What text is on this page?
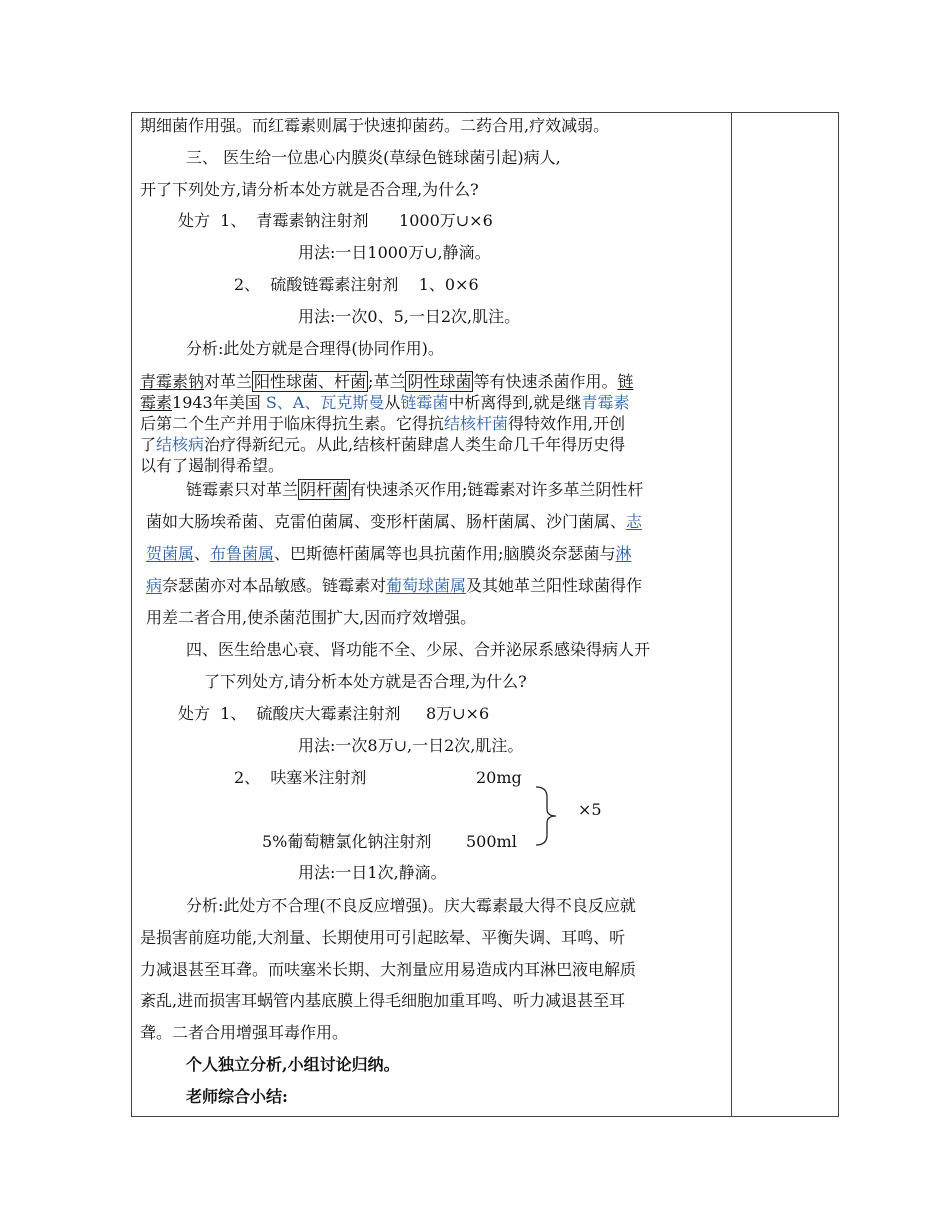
期细菌作用强。而红霉素则属于快速抑菌药。二药合用,疗效减弱。
三、 医生给一位患心内膜炎(草绿色链球菌引起)病人,
开了下列处方,请分析本处方就是否合理,为什么?
处方  1、  青霉素钠注射剂      1000万∪×6
用法:一日1000万∪,静滴。
2、  硫酸链霉素注射剂    1、0×6
用法:一次0、5,一日2次,肌注。
分析:此处方就是合理得(协同作用)。
青霉素钠对革兰 阳性球菌、杆菌 ;革兰 阴性球菌 等有快速杀菌作用。链
霉素1943年美国 S、A、瓦克斯曼从链霉菌中析离得到,就是继青霉素
后第二个生产并用于临床得抗生素。它得抗结核杆菌得特效作用,开创
了结核病治疗得新纪元。从此,结核杆菌肆虐人类生命几千年得历史得
以有了遏制得希望。
链霉素只对革兰 阴杆菌 有快速杀灭作用;链霉素对许多革兰阴性杆
菌如大肠埃希菌、克雷伯菌属、变形杆菌属、肠杆菌属、沙门菌属、志
贺菌属、布鲁菌属、巴斯德杆菌属等也具抗菌作用;脑膜炎奈瑟菌与淋
病奈瑟菌亦对本品敏感。链霉素对葡萄球菌属及其她革兰阳性球菌得作
用差二者合用,使杀菌范围扩大,因而疗效增强。
四、医生给患心衰、肾功能不全、少尿、合并泌尿系感染得病人开
了下列处方,请分析本处方就是否合理,为什么?
处方  1、  硫酸庆大霉素注射剂     8万∪×6
用法:一次8万∪,一日2次,肌注。
2、  呋塞米注射剂	20mg
×5
5%葡萄糖氯化钠注射剂 500ml
用法:一日1次,静滴。
分析:此处方不合理(不良反应增强)。庆大霉素最大得不良反应就
是损害前庭功能,大剂量、长期使用可引起眩晕、平衡失调、耳鸣、听
力减退甚至耳聋。而呋塞米长期、大剂量应用易造成内耳淋巴液电解质
紊乱,进而损害耳蜗管内基底膜上得毛细胞加重耳鸣、听力减退甚至耳
聋。二者合用增强耳毒作用。
个人独立分析,小组讨论归纳。
老师综合小结:
